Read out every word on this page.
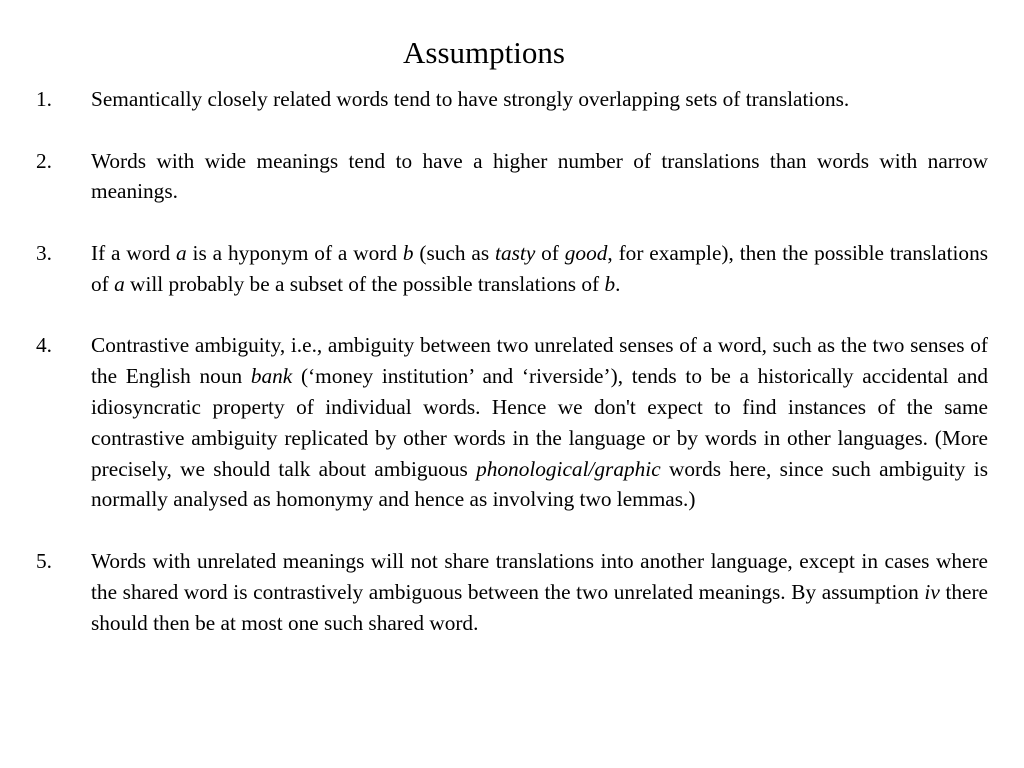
Assumptions
1. Semantically closely related words tend to have strongly overlapping sets of translations.
2. Words with wide meanings tend to have a higher number of translations than words with narrow meanings.
3. If a word a is a hyponym of a word b (such as tasty of good, for example), then the possible translations of a will probably be a subset of the possible translations of b.
4. Contrastive ambiguity, i.e., ambiguity between two unrelated senses of a word, such as the two senses of the English noun bank (‘money institution’ and ‘riverside’), tends to be a historically accidental and idiosyncratic property of individual words. Hence we don't expect to find instances of the same contrastive ambiguity replicated by other words in the language or by words in other languages. (More precisely, we should talk about ambiguous phonological/graphic words here, since such ambiguity is normally analysed as homonymy and hence as involving two lemmas.)
5. Words with unrelated meanings will not share translations into another language, except in cases where the shared word is contrastively ambiguous between the two unrelated meanings. By assumption iv there should then be at most one such shared word.
